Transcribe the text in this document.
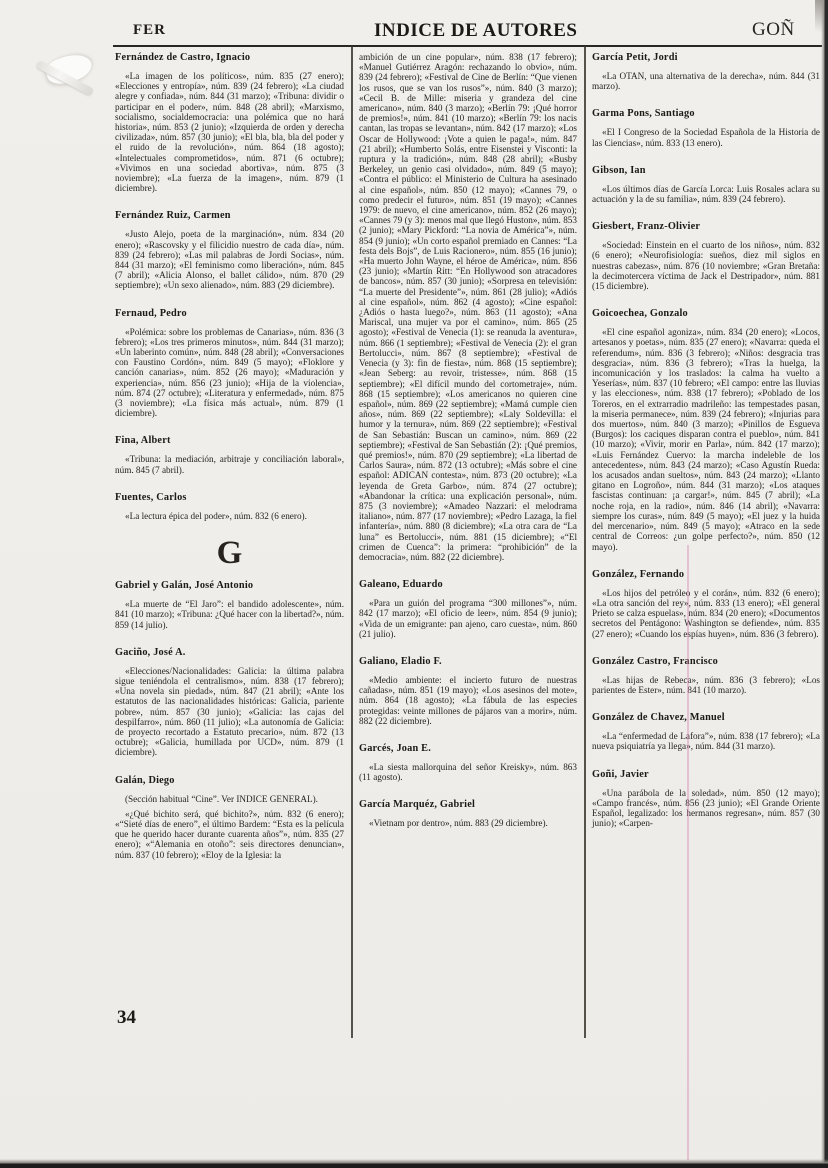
FER	INDICE DE AUTORES	GOÑ

Fernández de Castro, Ignacio

«La imagen de los políticos», núm. 835 (27 enero); «Elecciones y entropía», núm. 839 (24 febrero); «La ciudad alegre y confiada», núm. 844 (31 marzo); «Tribuna: dividir o participar en el poder», núm. 848 (28 abril); «Marxismo, socialismo, socialdemocracia: una polémica que no hará historia», núm. 853 (2 junio); «Izquierda de orden y derecha civilizada», núm. 857 (30 junio); «El bla, bla, bla del poder y el ruido de la revolución», núm. 864 (18 agosto); «Intelectuales comprometidos», núm. 871 (6 octubre); «Vivimos en una sociedad abortiva», núm. 875 (3 noviembre); «La fuerza de la imagen», núm. 879 (1 diciembre).

Fernández Ruiz, Carmen

«Justo Alejo, poeta de la marginación», núm. 834 (20 enero); «Rascovsky y el filicidio nuestro de cada día», núm. 839 (24 febrero); «Las mil palabras de Jordi Socias», núm. 844 (31 marzo); «El feminismo como liberación», núm. 845 (7 abril); «Alicia Alonso, el ballet cálido», núm. 870 (29 septiembre); «Un sexo alienado», núm. 883 (29 diciembre).

Fernaud, Pedro

«Polémica: sobre los problemas de Canarias», núm. 836 (3 febrero); «Los tres primeros minutos», núm. 844 (31 marzo); «Un laberinto común», núm. 848 (28 abril); «Conversaciones con Faustino Cordón», núm. 849 (5 mayo); «Floklore y canción canarias», núm. 852 (26 mayo); «Maduración y experiencia», núm. 856 (23 junio); «Hija de la violencia», núm. 874 (27 octubre); «Literatura y enfermedad», núm. 875 (3 noviembre); «La física más actual», núm. 879 (1 diciembre).

Fina, Albert

«Tribuna: la mediación, arbitraje y conciliación laboral», núm. 845 (7 abril).

Fuentes, Carlos

«La lectura épica del poder», núm. 832 (6 enero).

G

Gabriel y Galán, José Antonio

«La muerte de “El Jaro”: el bandido adolescente», núm. 841 (10 marzo); «Tribuna: ¿Qué hacer con la libertad?», núm. 859 (14 julio).

Gaciño, José A.

«Elecciones/Nacionalidades: Galicia: la última palabra sigue teniéndola el centralismo», núm. 838 (17 febrero); «Una novela sin piedad», núm. 847 (21 abril); «Ante los estatutos de las nacionalidades históricas: Galicia, pariente pobre», núm. 857 (30 junio); «Galicia: las cajas del despilfarro», núm. 860 (11 julio); «La autonomía de Galicia: de proyecto recortado a Estatuto precario», núm. 872 (13 octubre); «Galicia, humillada por UCD», núm. 879 (1 diciembre).

Galán, Diego

(Sección habitual “Cine”. Ver INDICE GENERAL).

«¿Qué bichito será, qué bichito?», núm. 832 (6 enero); «“Sieté días de enero”, el último Bardem: “Esta es la película que he querido hacer durante cuarenta años”», núm. 835 (27 enero); «“Alemania en otoño”: seis directores denuncian», núm. 837 (10 febrero); «Eloy de la Iglesia: la

ambición de un cine popular», núm. 838 (17 febrero); «Manuel Gutiérrez Aragón: rechazando lo obvio», núm. 839 (24 febrero); «Festival de Cine de Berlín: “Que vienen los rusos, que se van los rusos”», núm. 840 (3 marzo); «Cecil B. de Mille: miseria y grandeza del cine americano», núm. 840 (3 marzo); «Berlín 79: ¡Qué horror de premios!», núm. 841 (10 marzo); «Berlín 79: los nacis cantan, las tropas se levantan», núm. 842 (17 marzo); «Los Oscar de Hollywood: ¡Vote a quien le paga!», núm. 847 (21 abril); «Humberto Solás, entre Eisenstei y Visconti: la ruptura y la tradición», núm. 848 (28 abril); «Busby Berkeley, un genio casi olvidado», núm. 849 (5 mayo); «Contra el público: el Ministerio de Cultura ha asesinado al cine español», núm. 850 (12 mayo); «Cannes 79, o como predecir el futuro», núm. 851 (19 mayo); «Cannes 1979: de nuevo, el cine americano», núm. 852 (26 mayo); «Cannes 79 (y 3): menos mal que llegó Huston», núm. 853 (2 junio); «Mary Pickford: “La novia de América”», núm. 854 (9 junio); «Un corto español premiado en Cannes: “La festa dels Bojs”, de Luis Racionero», núm. 855 (16 junio); «Ha muerto John Wayne, el héroe de América», núm. 856 (23 junio); «Martín Ritt: “En Hollywood son atracadores de bancos», núm. 857 (30 junio); «Sorpresa en televisión: “La muerte del Presidente”», núm. 861 (28 julio); «Adiós al cine español», núm. 862 (4 agosto); «Cine español: ¿Adiós o hasta luego?», núm. 863 (11 agosto); «Ana Mariscal, una mujer va por el camino», núm. 865 (25 agosto); «Festival de Venecia (1): se reanuda la aventura», núm. 866 (1 septiembre); «Festival de Venecia (2): el gran Bertolucci», núm. 867 (8 septiembre); «Festival de Venecia (y 3): fin de fiesta», núm. 868 (15 septiembre); «Jean Seberg: au revoir, tristesse», núm. 868 (15 septiembre); «El difícil mundo del cortometraje», núm. 868 (15 septiembre); «Los americanos no quieren cine español», núm. 869 (22 septiembre); «Mamá cumple cien años», núm. 869 (22 septiembre); «Laly Soldevilla: el humor y la ternura», núm. 869 (22 septiembre); «Festival de San Sebastián: Buscan un camino», núm. 869 (22 septiembre); «Festival de San Sebastián (2): ¡Qué premios, qué premios!», núm. 870 (29 septiembre); «La libertad de Carlos Saura», núm. 872 (13 octubre); «Más sobre el cine español: ADICAN contesta», núm. 873 (20 octubre); «La leyenda de Greta Garbo», núm. 874 (27 octubre); «Abandonar la crítica: una explicación personal», núm. 875 (3 noviembre); «Amadeo Nazzari: el melodrama italiano», núm. 877 (17 noviembre); «Pedro Lazaga, la fiel infantería», núm. 880 (8 diciembre); «La otra cara de “La luna” es Bertolucci», núm. 881 (15 diciembre); «“El crimen de Cuenca”: la primera: “prohibición” de la democracia», núm. 882 (22 diciembre).

Galeano, Eduardo

«Para un guión del programa “300 millones”», núm. 842 (17 marzo); «El oficio de leer», núm. 854 (9 junio); «Vida de un emigrante: pan ajeno, caro cuesta», núm. 860 (21 julio).

Galiano, Eladio F.

«Medio ambiente: el incierto futuro de nuestras cañadas», núm. 851 (19 mayo); «Los asesinos del mote», núm. 864 (18 agosto); «La fábula de las especies protegidas: veinte millones de pájaros van a morir», núm. 882 (22 diciembre).

Garcés, Joan E.

«La siesta mallorquina del señor Kreisky», núm. 863 (11 agosto).

García Marquéz, Gabriel

«Vietnam por dentro», núm. 883 (29 diciembre).

García Petit, Jordi

«La OTAN, una alternativa de la derecha», núm. 844 (31 marzo).

Garma Pons, Santiago

«El I Congreso de la Sociedad Española de la Historia de las Ciencias», núm. 833 (13 enero).

Gibson, Ian

«Los últimos días de García Lorca: Luis Rosales aclara su actuación y la de su familia», núm. 839 (24 febrero).

Giesbert, Franz-Olivier

«Sociedad: Einstein en el cuarto de los niños», núm. 832 (6 enero); «Neurofisiología: sueños, diez mil siglos en nuestras cabezas», núm. 876 (10 noviembre; «Gran Bretaña: la decimotercera víctima de Jack el Destripador», núm. 881 (15 diciembre).

Goicoechea, Gonzalo

«El cine español agoniza», núm. 834 (20 enero); «Locos, artesanos y poetas», núm. 835 (27 enero); «Navarra: queda el referendum», núm. 836 (3 febrero); «Niños: desgracia tras desgracia», núm. 836 (3 febrero); «Tras la huelga, la incomunicación y los traslados: la calma ha vuelto a Yeserías», núm. 837 (10 febrero; «El campo: entre las lluvias y las elecciones», núm. 838 (17 febrero); «Poblado de los Toreros, en el extrarradio madrileño: las tempestades pasan, la miseria permanece», núm. 839 (24 febrero); «Injurias para dos muertos», núm. 840 (3 marzo); «Pinillos de Esgueva (Burgos): los caciques disparan contra el pueblo», núm. 841 (10 marzo); «Vivir, morir en Parla», núm. 842 (17 marzo); «Luis Fernández Cuervo: la marcha indeleble de los antecedentes», núm. 843 (24 marzo); «Caso Agustín Rueda: los acusados andan sueltos», núm. 843 (24 marzo); «Llanto gitano en Logroño», núm. 844 (31 marzo); «Los ataques fascistas continuan: ¡a cargar!», núm. 845 (7 abril); «La noche roja, en la radio», núm. 846 (14 abril); «Navarra: siempre los curas», núm. 849 (5 mayo); «El juez y la huida del mercenario», núm. 849 (5 mayo); «Atraco en la sede central de Correos: ¿un golpe perfecto?», núm. 850 (12 mayo).

González, Fernando

«Los hijos del petróleo y el corán», núm. 832 (6 enero); «La otra sanción del rey», núm. 833 (13 enero); «El general Prieto se calza espuelas», núm. 834 (20 enero); «Documentos secretos del Pentágono: Washington se defiende», núm. 835 (27 enero); «Cuando los espías huyen», núm. 836 (3 febrero).

González Castro, Francisco

«Las hijas de Rebeca», núm. 836 (3 febrero); «Los parientes de Ester», núm. 841 (10 marzo).

González de Chavez, Manuel

«La “enfermedad de Lafora”», núm. 838 (17 febrero); «La nueva psiquiatría ya llega», núm. 844 (31 marzo).

Goñi, Javier

«Una parábola de la soledad», núm. 850 (12 mayo); «Campo francés», núm. 856 (23 junio); «El Grande Oriente Español, legalizado: los hermanos regresan», núm. 857 (30 junio); «Carpen-

34
